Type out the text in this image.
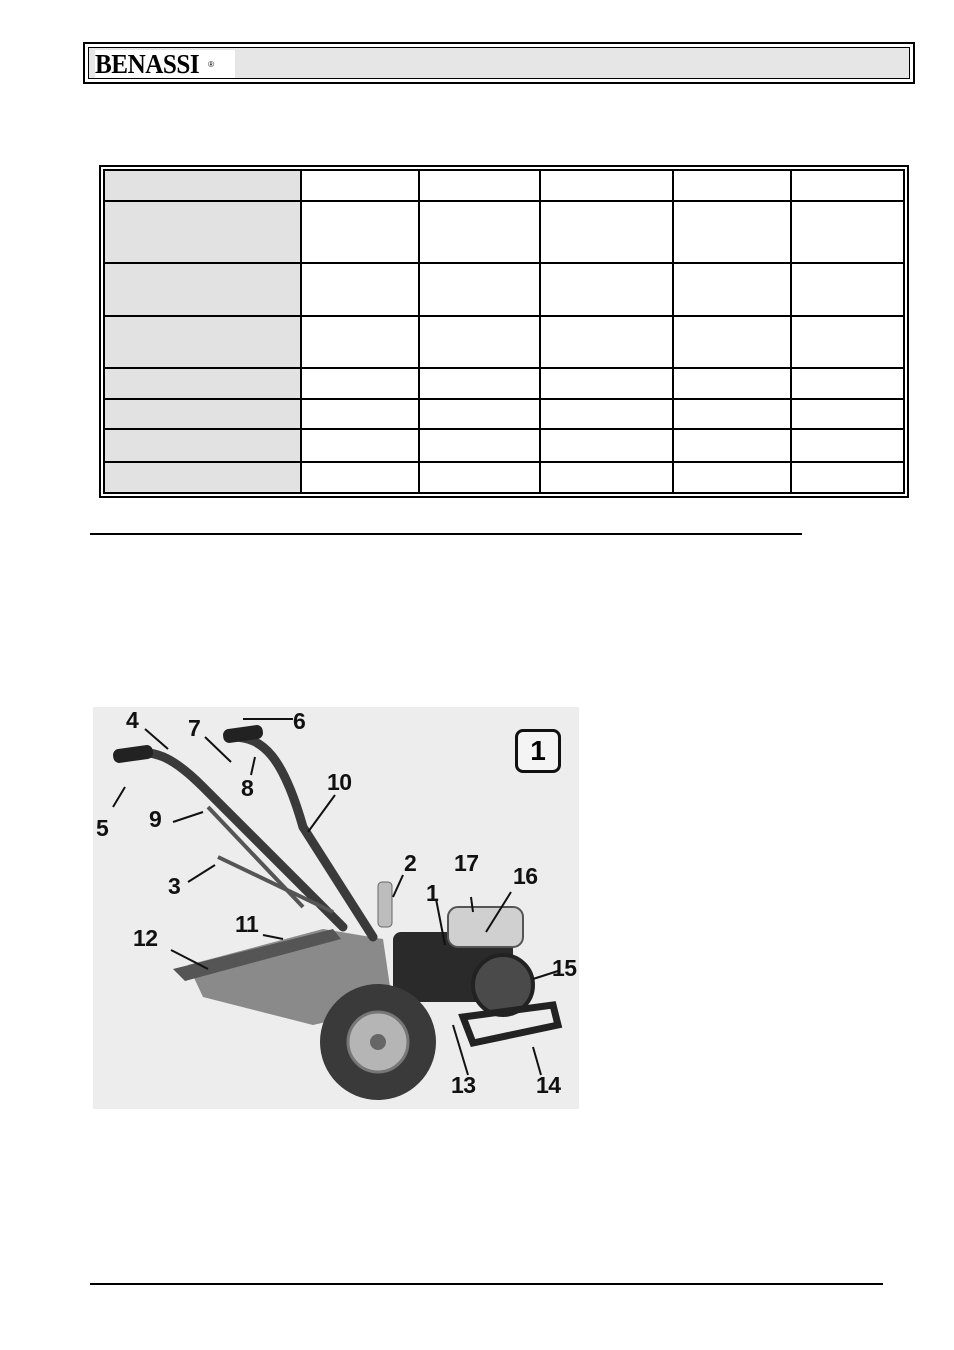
BENASSI ®

1
4 7	6
8	10
5 9
3
2 17 16
1
11
12
15
13	14
